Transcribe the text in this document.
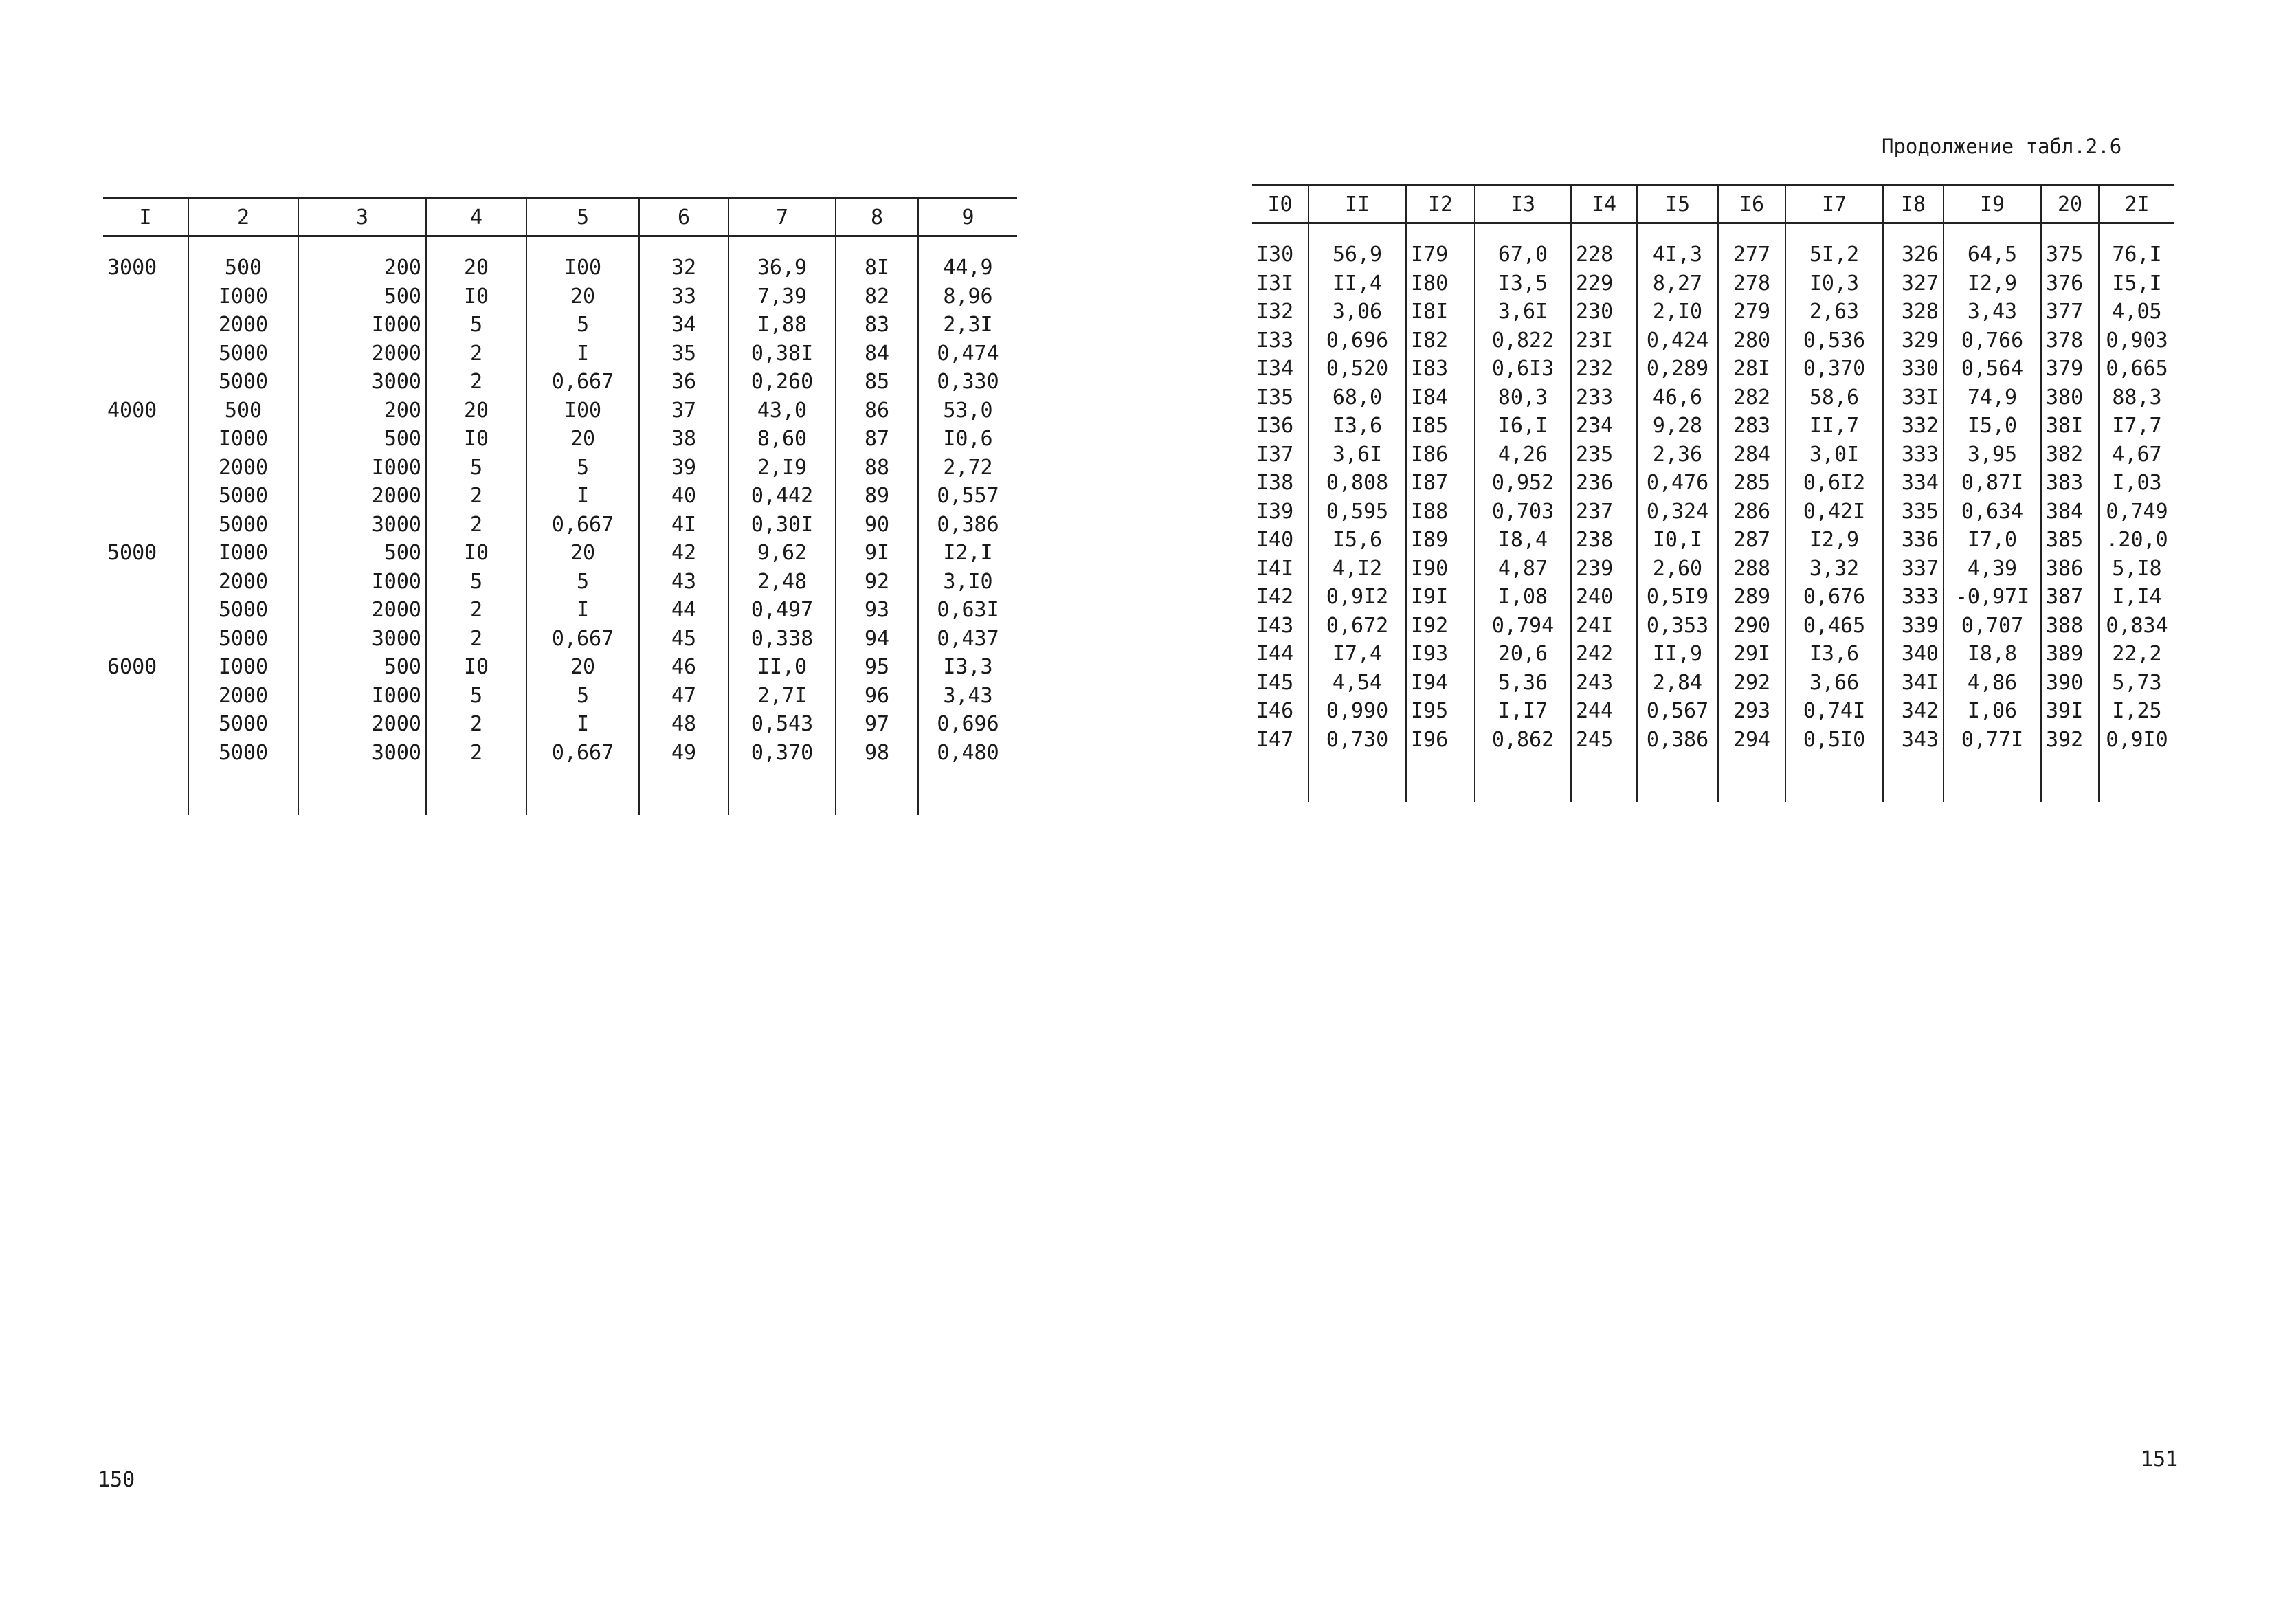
Продолжение табл.2.6
I	2	3	4	5	6	7	8	9
3000	500	200	20	I00	32	36,9	8I	44,9
	I000	500	I0	20	33	7,39	82	8,96
	2000	I000	5	5	34	I,88	83	2,3I
	5000	2000	2	I	35	0,38I	84	0,474
	5000	3000	2	0,667	36	0,260	85	0,330
4000	500	200	20	I00	37	43,0	86	53,0
	I000	500	I0	20	38	8,60	87	I0,6
	2000	I000	5	5	39	2,I9	88	2,72
	5000	2000	2	I	40	0,442	89	0,557
	5000	3000	2	0,667	4I	0,30I	90	0,386
5000	I000	500	I0	20	42	9,62	9I	I2,I
	2000	I000	5	5	43	2,48	92	3,I0
	5000	2000	2	I	44	0,497	93	0,63I
	5000	3000	2	0,667	45	0,338	94	0,437
6000	I000	500	I0	20	46	II,0	95	I3,3
	2000	I000	5	5	47	2,7I	96	3,43
	5000	2000	2	I	48	0,543	97	0,696
	5000	3000	2	0,667	49	0,370	98	0,480

I0	II	I2	I3	I4	I5	I6	I7	I8	I9	20	2I
I30	56,9	I79	67,0	228	4I,3	277	5I,2	326	64,5	375	76,I
I3I	II,4	I80	I3,5	229	8,27	278	I0,3	327	I2,9	376	I5,I
I32	3,06	I8I	3,6I	230	2,I0	279	2,63	328	3,43	377	4,05
I33	0,696	I82	0,822	23I	0,424	280	0,536	329	0,766	378	0,903
I34	0,520	I83	0,6I3	232	0,289	28I	0,370	330	0,564	379	0,665
I35	68,0	I84	80,3	233	46,6	282	58,6	33I	74,9	380	88,3
I36	I3,6	I85	I6,I	234	9,28	283	II,7	332	I5,0	38I	I7,7
I37	3,6I	I86	4,26	235	2,36	284	3,0I	333	3,95	382	4,67
I38	0,808	I87	0,952	236	0,476	285	0,6I2	334	0,87I	383	I,03
I39	0,595	I88	0,703	237	0,324	286	0,42I	335	0,634	384	0,749
I40	I5,6	I89	I8,4	238	I0,I	287	I2,9	336	I7,0	385	.20,0
I4I	4,I2	I90	4,87	239	2,60	288	3,32	337	4,39	386	5,I8
I42	0,9I2	I9I	I,08	240	0,5I9	289	0,676	333	-0,97I	387	I,I4
I43	0,672	I92	0,794	24I	0,353	290	0,465	339	0,707	388	0,834
I44	I7,4	I93	20,6	242	II,9	29I	I3,6	340	I8,8	389	22,2
I45	4,54	I94	5,36	243	2,84	292	3,66	34I	4,86	390	5,73
I46	0,990	I95	I,I7	244	0,567	293	0,74I	342	I,06	39I	I,25
I47	0,730	I96	0,862	245	0,386	294	0,5I0	343	0,77I	392	0,9I0

150
151
